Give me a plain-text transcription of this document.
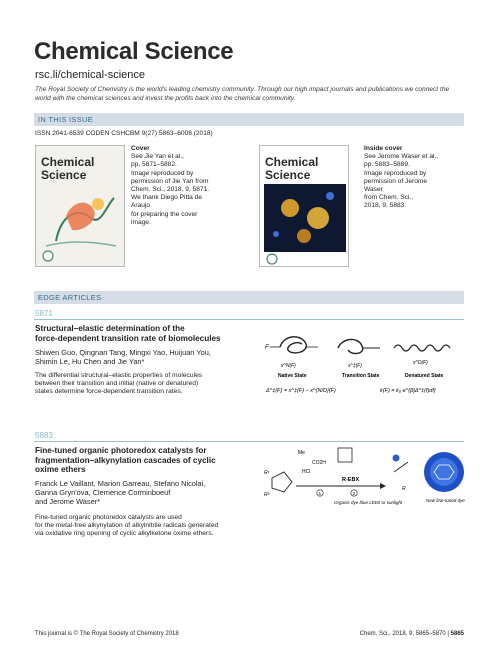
Chemical Science
rsc.li/chemical-science
The Royal Society of Chemistry is the world's leading chemistry community. Through our high impact journals and publications we connect the world with the chemical sciences and invest the profits back into the chemical community.
IN THIS ISSUE
ISSN 2041-6539 CODEN CSHCBM 9(27) 5863–6008 (2018)
Chemical
Science
Cover
See Jie Yan et al.,
pp. 5871–5882.
Image reproduced by
permission of Jie Yan from
Chem. Sci., 2018, 9, 5871.
We thank Diego Pitta de Araujo
for preparing the cover image.
Chemical
Science
Inside cover
See Jerome Waser et al.,
pp. 5883–5889.
Image reproduced by
permission of Jerome Waser
from Chem. Sci.,
2018, 9, 5883.
EDGE ARTICLES
5871
Structural–elastic determination of the
force-dependent transition rate of biomolecules
Shiwen Guo, Qingnan Tang, Mingxi Yao, Huijuan You,
Shimin Le, Hu Chen and Jie Yan*
The differential structural–elastic properties of molecules
between their transition and initial (native or denatured)
states determine force-dependent transition rates.
F
x^N(F)
Native State
x^‡(F)
Transition State
x^D(F)
Denatured State
Δ^‡(F) = x^‡(F) − x^{N/D}(F)	k(F) = k₀ e^{β∫Δ^‡(f)df}
5883
Fine-tuned organic photoredox catalysts for
fragmentation–alkynylation cascades of cyclic
oxime ethers
Franck Le Vaillant, Marion Garreau, Stefano Nicolai,
Ganna Gryn'ova, Clemence Corminboeuf
and Jerome Waser*
Fine-tuned organic photoredox catalysts are used
for the metal-free alkynylation of alkylnitrile radicals generated
via oxidative ring opening of cyclic alkylketone oxime ethers.
R¹
R²
Me
CO2H
HCl
1	2
R-EBX
Organic dye blue LEDs or sunlight
R
New fine-tuned dye
This journal is © The Royal Society of Chemistry 2018	Chem. Sci., 2018, 9, 5865–5870 | 5865
